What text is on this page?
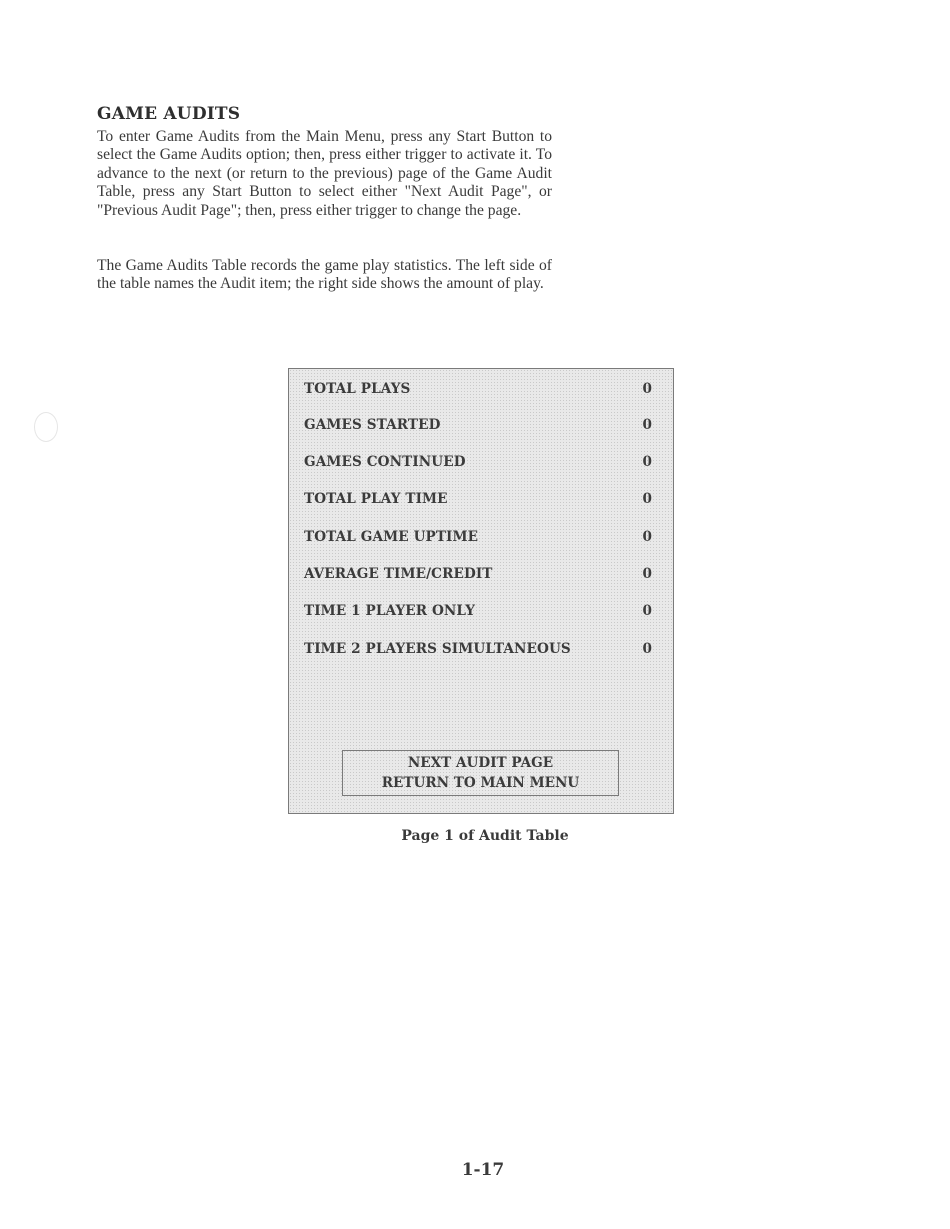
GAME AUDITS

To enter Game Audits from the Main Menu, press any Start Button to select the Game Audits option; then, press either trigger to activate it. To advance to the next (or return to the previous) page of the Game Audit Table, press any Start Button to select either "Next Audit Page", or "Previous Audit Page"; then, press either trigger to change the page.

The Game Audits Table records the game play statistics. The left side of the table names the Audit item; the right side shows the amount of play.

TOTAL PLAYS	0
GAMES STARTED	0
GAMES CONTINUED	0
TOTAL PLAY TIME	0
TOTAL GAME UPTIME	0
AVERAGE TIME/CREDIT	0
TIME 1 PLAYER ONLY	0
TIME 2 PLAYERS SIMULTANEOUS	0
NEXT AUDIT PAGE
RETURN TO MAIN MENU
Page 1 of Audit Table
1-17
